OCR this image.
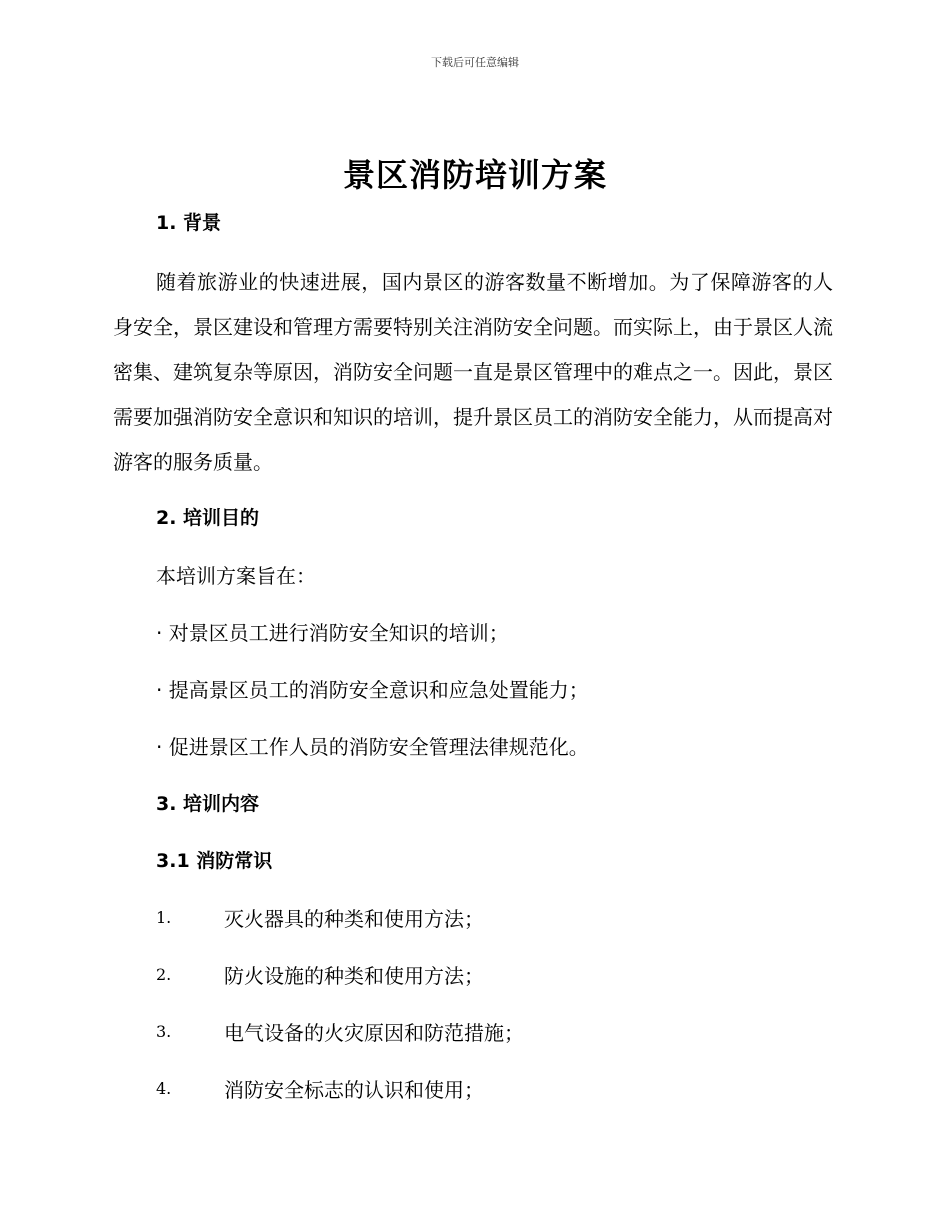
下载后可任意编辑
景区消防培训方案
1. 背景

随着旅游业的快速进展，国内景区的游客数量不断增加。为了保障游客的人身安全，景区建设和管理方需要特别关注消防安全问题。而实际上，由于景区人流密集、建筑复杂等原因，消防安全问题一直是景区管理中的难点之一。因此，景区需要加强消防安全意识和知识的培训，提升景区员工的消防安全能力，从而提高对游客的服务质量。

2. 培训目的
本培训方案旨在：
· 对景区员工进行消防安全知识的培训；
· 提高景区员工的消防安全意识和应急处置能力；
· 促进景区工作人员的消防安全管理法律规范化。
3. 培训内容
3.1 消防常识
1.	灭火器具的种类和使用方法；
2.	防火设施的种类和使用方法；
3.	电气设备的火灾原因和防范措施；
4.	消防安全标志的认识和使用；
